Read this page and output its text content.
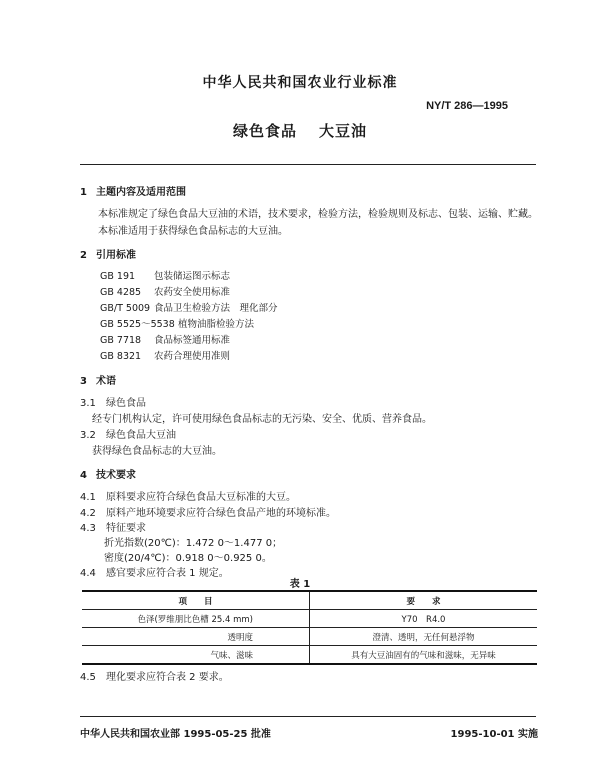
中华人民共和国农业行业标准
NY/T 286—1995
绿色食品 大豆油
1 主题内容及适用范围
本标准规定了绿色食品大豆油的术语，技术要求，检验方法，检验规则及标志、包装、运输、贮藏。
本标准适用于获得绿色食品标志的大豆油。
2 引用标准
GB 191 包装储运图示标志
GB 4285 农药安全使用标准
GB/T 5009 食品卫生检验方法　理化部分
GB 5525～5538 植物油脂检验方法
GB 7718 食品标签通用标准
GB 8321 农药合理使用准则
3 术语
3.1 绿色食品
经专门机构认定，许可使用绿色食品标志的无污染、安全、优质、营养食品。
3.2 绿色食品大豆油
获得绿色食品标志的大豆油。
4 技术要求
4.1 原料要求应符合绿色食品大豆标准的大豆。
4.2 原料产地环境要求应符合绿色食品产地的环境标准。
4.3 特征要求
折光指数(20℃)：1.472 0～1.477 0；
密度(20/4℃)：0.918 0～0.925 0。
4.4 感官要求应符合表 1 规定。
表 1
项　　目	要　　求
色泽(罗维朋比色槽 25.4 mm)	Y70　R4.0
透明度	澄清、透明，无任何悬浮物
气味、滋味	具有大豆油固有的气味和滋味，无异味
4.5 理化要求应符合表 2 要求。
中华人民共和国农业部 1995-05-25 批准	1995-10-01 实施
